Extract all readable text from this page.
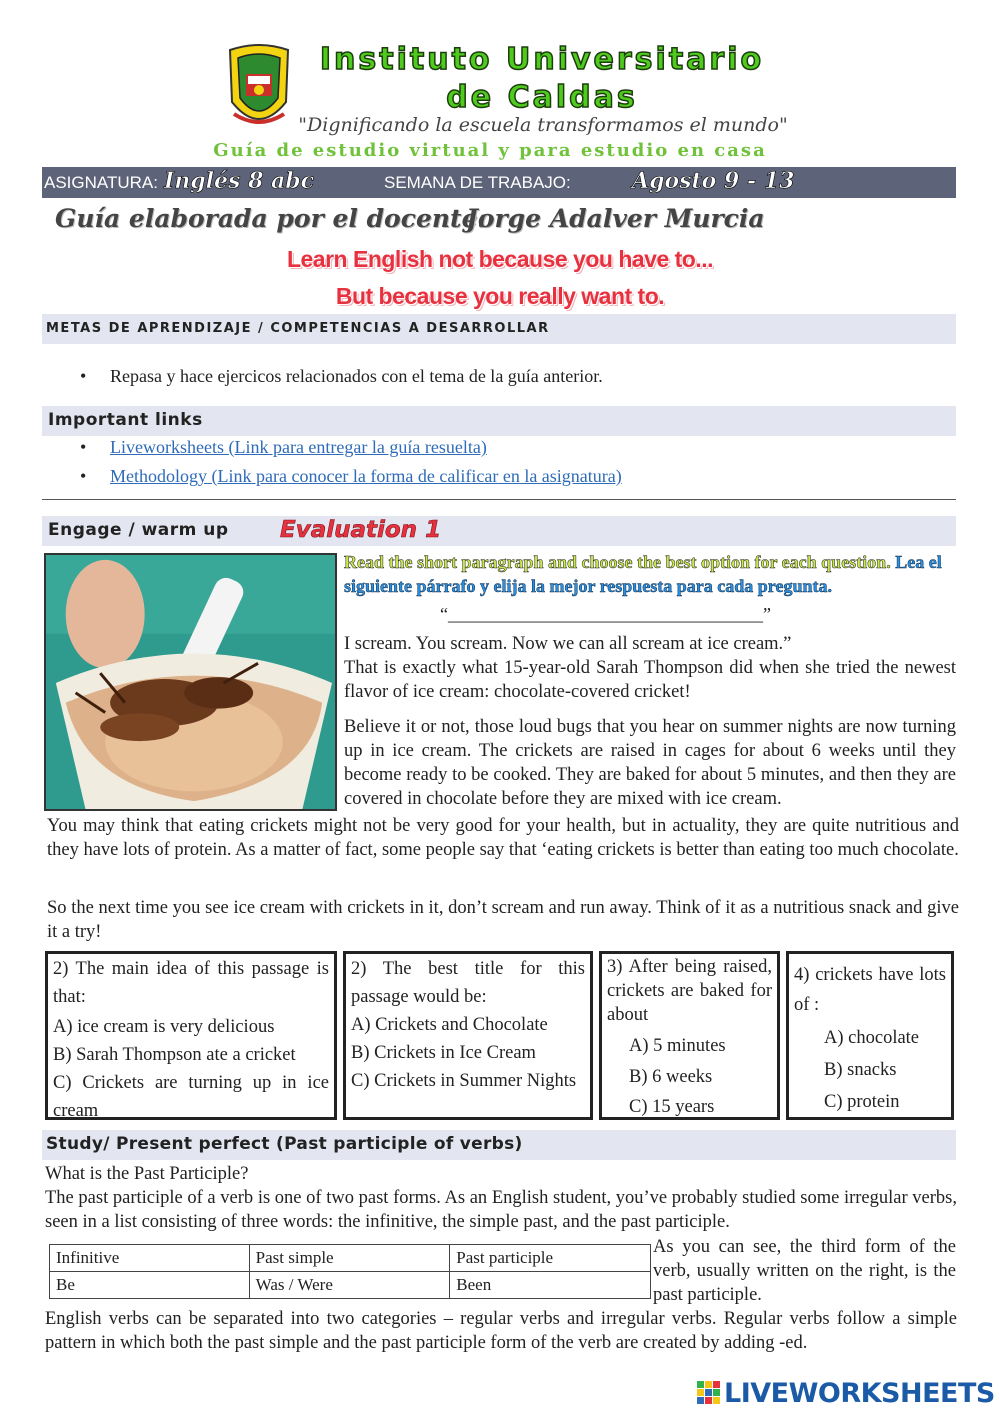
Instituto Universitario
de Caldas
"Dignificando la escuela transformamos el mundo"
Guía de estudio virtual y para estudio en casa
ASIGNATURA: Inglés 8 abc	SEMANA DE TRABAJO:	Agosto 9 - 13
Guía elaborada por el docente:
Jorge Adalver Murcia
Learn English not because you have to...
But because you really want to.
METAS DE APRENDIZAJE / COMPETENCIAS A DESARROLLAR
• Repasa y hace ejercicos relacionados con el tema de la guía anterior.
Important links
• Liveworksheets (Link para entregar la guía resuelta)
• Methodology (Link para conocer la forma de calificar en la asignatura)
Engage / warm up	Evaluation 1
Read the short paragraph and choose the best option for each question. Lea el siguiente párrafo y elija la mejor respuesta para cada pregunta.
“___________________________________”
I scream. You scream. Now we can all scream at ice cream.”
That is exactly what 15-year-old Sarah Thompson did when she tried the newest flavor of ice cream: chocolate-covered cricket!
Believe it or not, those loud bugs that you hear on summer nights are now turning up in ice cream. The crickets are raised in cages for about 6 weeks until they become ready to be cooked. They are baked for about 5 minutes, and then they are covered in chocolate before they are mixed with ice cream.
You may think that eating crickets might not be very good for your health, but in actuality, they are quite nutritious and they have lots of protein. As a matter of fact, some people say that ‘eating crickets is better than eating too much chocolate.
So the next time you see ice cream with crickets in it, don’t scream and run away. Think of it as a nutritious snack and give it a try!
2) The main idea of this passage is that:
A) ice cream is very delicious
B) Sarah Thompson ate a cricket
C) Crickets are turning up in ice cream
2) The best title for this passage would be:
A) Crickets and Chocolate
B) Crickets in Ice Cream
C) Crickets in Summer Nights
3) After being raised, crickets are baked for about
A) 5 minutes
B) 6 weeks
C) 15 years
4) crickets have lots of :
A) chocolate
B) snacks
C) protein
Study/ Present perfect (Past participle of verbs)
What is the Past Participle?
The past participle of a verb is one of two past forms. As an English student, you’ve probably studied some irregular verbs, seen in a list consisting of three words: the infinitive, the simple past, and the past participle.
Infinitive	Past simple	Past participle
Be	Was / Were	Been
As you can see, the third form of the verb, usually written on the right, is the past participle.
English verbs can be separated into two categories – regular verbs and irregular verbs. Regular verbs follow a simple pattern in which both the past simple and the past participle form of the verb are created by adding -ed.
LIVEWORKSHEETS
